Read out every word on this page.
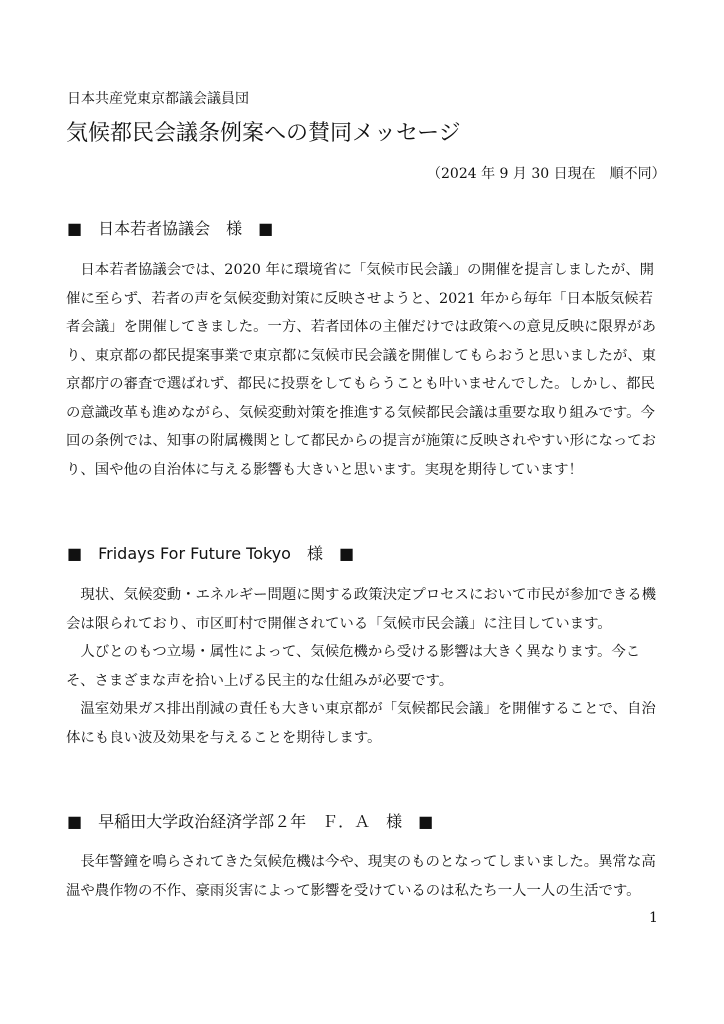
日本共産党東京都議会議員団
気候都民会議条例案への賛同メッセージ
（2024 年 9 月 30 日現在　順不同）
■　日本若者協議会　様　■

日本若者協議会では、2020 年に環境省に「気候市民会議」の開催を提言しましたが、開催に至らず、若者の声を気候変動対策に反映させようと、2021 年から毎年「日本版気候若者会議」を開催してきました。一方、若者団体の主催だけでは政策への意見反映に限界があり、東京都の都民提案事業で東京都に気候市民会議を開催してもらおうと思いましたが、東京都庁の審査で選ばれず、都民に投票をしてもらうことも叶いませんでした。しかし、都民の意識改革も進めながら、気候変動対策を推進する気候都民会議は重要な取り組みです。今回の条例では、知事の附属機関として都民からの提言が施策に反映されやすい形になっており、国や他の自治体に与える影響も大きいと思います。実現を期待しています！

■　Fridays For Future Tokyo　様　■

現状、気候変動・エネルギー問題に関する政策決定プロセスにおいて市民が参加できる機会は限られており、市区町村で開催されている「気候市民会議」に注目しています。

人びとのもつ立場・属性によって、気候危機から受ける影響は大きく異なります。今こそ、さまざまな声を拾い上げる民主的な仕組みが必要です。

温室効果ガス排出削減の責任も大きい東京都が「気候都民会議」を開催することで、自治体にも良い波及効果を与えることを期待します。

■　早稲田大学政治経済学部２年　Ｆ．Ａ　様　■

長年警鐘を鳴らされてきた気候危機は今や、現実のものとなってしまいました。異常な高温や農作物の不作、豪雨災害によって影響を受けているのは私たち一人一人の生活です。

1
